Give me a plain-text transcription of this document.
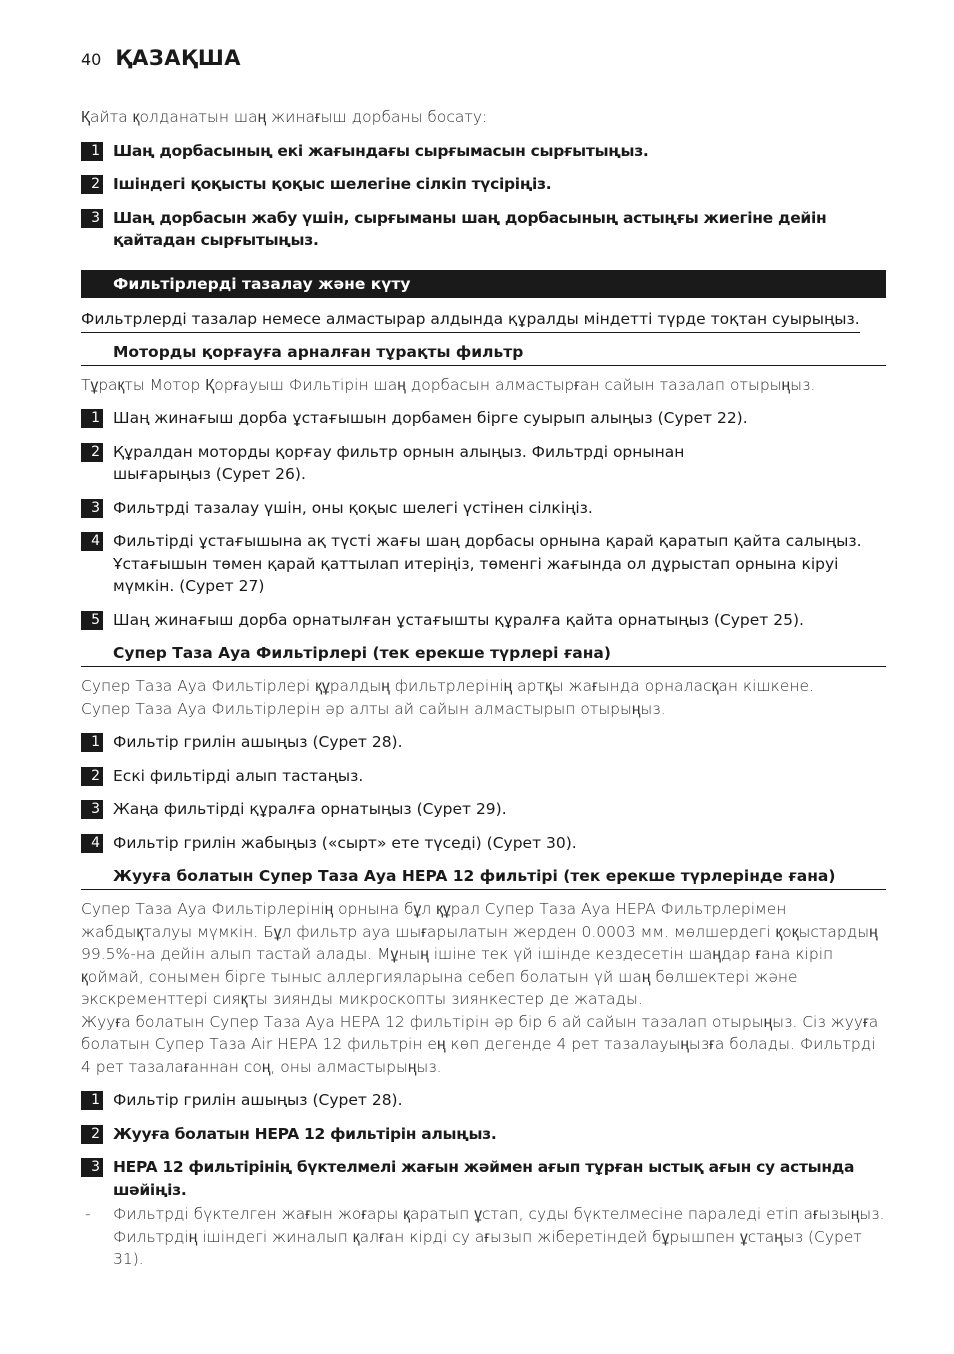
40 ҚАЗАҚША

Қайта қолданатын шаң жинағыш дорбаны босату:

1 Шаң дорбасының екі жағындағы сырғымасын сырғытыңыз.
2 Ішіндегі қоқысты қоқыс шелегіне сілкіп түсіріңіз.
3 Шаң дорбасын жабу үшін, сырғыманы шаң дорбасының астыңғы жиегіне дейін қайтадан сырғытыңыз.
Фильтірлерді тазалау және күту
Фильтрлерді тазалар немесе алмастырар алдында құралды міндетті түрде тоқтан суырыңыз.
Моторды қорғауға арналған тұрақты фильтр

Тұрақты Мотор Қорғауыш Фильтірін шаң дорбасын алмастырған сайын тазалап отырыңыз.

1 Шаң жинағыш дорба ұстағышын дорбамен бірге суырып алыңыз (Сурет 22).
2 Құралдан моторды қорғау фильтр орнын алыңыз. Фильтрді орнынан шығарыңыз (Сурет 26).
3 Фильтрді тазалау үшін, оны қоқыс шелегі үстінен сілкіңіз.
4 Фильтірді ұстағышына ақ түсті жағы шаң дорбасы орнына қарай қаратып қайта салыңыз. Ұстағышын төмен қарай қаттылап итеріңіз, төменгі жағында ол дұрыстап орнына кіруі мүмкін. (Сурет 27)
5 Шаң жинағыш дорба орнатылған ұстағышты құралға қайта орнатыңыз (Сурет 25).
Супер Таза Ауа Фильтірлері (тек ерекше түрлері ғана)

Супер Таза Ауа Фильтірлері құралдың фильтрлерінің артқы жағында орналасқан кішкене.

Супер Таза Ауа Фильтірлерін әр алты ай сайын алмастырып отырыңыз.

1 Фильтір грилін ашыңыз (Сурет 28).
2 Ескі фильтірді алып тастаңыз.
3 Жаңа фильтірді құралға орнатыңыз (Сурет 29).
4 Фильтір грилін жабыңыз («сырт» ете түседі) (Сурет 30).
Жууға болатын Супер Таза Ауа HEPA 12 фильтірі (тек ерекше түрлерінде ғана)

Супер Таза Ауа Фильтірлерінің орнына бұл құрал Супер Таза Ауа HEPA Фильтрлерімен жабдықталуы мүмкін. Бұл фильтр ауа шығарылатын жерден 0.0003 мм. мөлшердегі қоқыстардың 99.5%-на дейін алып тастай алады. Мұның ішіне тек үй ішінде кездесетін шаңдар ғана кіріп қоймай, сонымен бірге тыныс аллергияларына себеп болатын үй шаң бөлшектері және экскременттері сияқты зиянды микроскопты зиянкестер де жатады.

Жууға болатын Супер Таза Ауа HEPA 12 фильтірін әр бір 6 ай сайын тазалап отырыңыз. Сіз жууға болатын Супер Таза Air HEPA 12 фильтрін ең көп дегенде 4 рет тазалауыңызға болады. Фильтрді 4 рет тазалағаннан соң, оны алмастырыңыз.

1 Фильтір грилін ашыңыз (Сурет 28).
2 Жууға болатын HEPA 12 фильтірін алыңыз.
3 HEPA 12 фильтірінің бүктелмелі жағын жәймен ағып тұрған ыстық ағын су астында шәйіңіз.
- Фильтрді бүктелген жағын жоғары қаратып ұстап, суды бүктелмесіне параледі етіп ағызыңыз. Фильтрдің ішіндегі жиналып қалған кірді су ағызып жіберетіндей бұрышпен ұстаңыз (Сурет 31).
